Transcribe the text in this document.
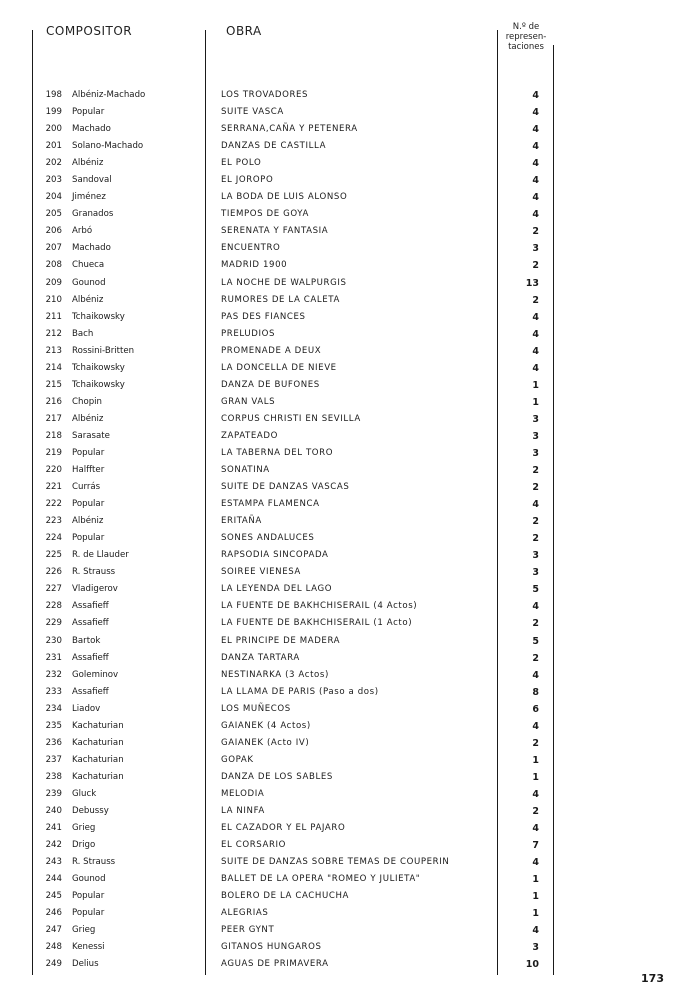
COMPOSITOR	OBRA	N.º de
represen-
taciones
198 Albéniz-Machado	LOS TROVADORES	4
199 Popular	SUITE VASCA	4
200 Machado	SERRANA,CAÑA Y PETENERA	4
201 Solano-Machado	DANZAS DE CASTILLA	4
202 Albéniz	EL POLO	4
203 Sandoval	EL JOROPO	4
204 Jiménez	LA BODA DE LUIS ALONSO	4
205 Granados	TIEMPOS DE GOYA	4
206 Arbó	SERENATA Y FANTASIA	2
207 Machado	ENCUENTRO	3
208 Chueca	MADRID 1900	2
209 Gounod	LA NOCHE DE WALPURGIS	13
210 Albéniz	RUMORES DE LA CALETA	2
211 Tchaikowsky	PAS DES FIANCES	4
212 Bach	PRELUDIOS	4
213 Rossini-Britten	PROMENADE A DEUX	4
214 Tchaikowsky	LA DONCELLA DE NIEVE	4
215 Tchaikowsky	DANZA DE BUFONES	1
216 Chopin	GRAN VALS	1
217 Albéniz	CORPUS CHRISTI EN SEVILLA	3
218 Sarasate	ZAPATEADO	3
219 Popular	LA TABERNA DEL TORO	3
220 Halffter	SONATINA	2
221 Currás	SUITE DE DANZAS VASCAS	2
222 Popular	ESTAMPA FLAMENCA	4
223 Albéniz	ERITAÑA	2
224 Popular	SONES ANDALUCES	2
225 R. de Llauder	RAPSODIA SINCOPADA	3
226 R. Strauss	SOIREE VIENESA	3
227 Vladigerov	LA LEYENDA DEL LAGO	5
228 Assafieff	LA FUENTE DE BAKHCHISERAIL (4 Actos)	4
229 Assafieff	LA FUENTE DE BAKHCHISERAIL (1 Acto)	2
230 Bartok	EL PRINCIPE DE MADERA	5
231 Assafieff	DANZA TARTARA	2
232 Goleminov	NESTINARKA (3 Actos)	4
233 Assafieff	LA LLAMA DE PARIS (Paso a dos)	8
234 Liadov	LOS MUÑECOS	6
235 Kachaturian	GAIANEK (4 Actos)	4
236 Kachaturian	GAIANEK (Acto IV)	2
237 Kachaturian	GOPAK	1
238 Kachaturian	DANZA DE LOS SABLES	1
239 Gluck	MELODIA	4
240 Debussy	LA NINFA	2
241 Grieg	EL CAZADOR Y EL PAJARO	4
242 Drigo	EL CORSARIO	7
243 R. Strauss	SUITE DE DANZAS SOBRE TEMAS DE COUPERIN	4
244 Gounod	BALLET DE LA OPERA "ROMEO Y JULIETA"	1
245 Popular	BOLERO DE LA CACHUCHA	1
246 Popular	ALEGRIAS	1
247 Grieg	PEER GYNT	4
248 Kenessi	GITANOS HUNGAROS	3
249 Delius	AGUAS DE PRIMAVERA	10
173
